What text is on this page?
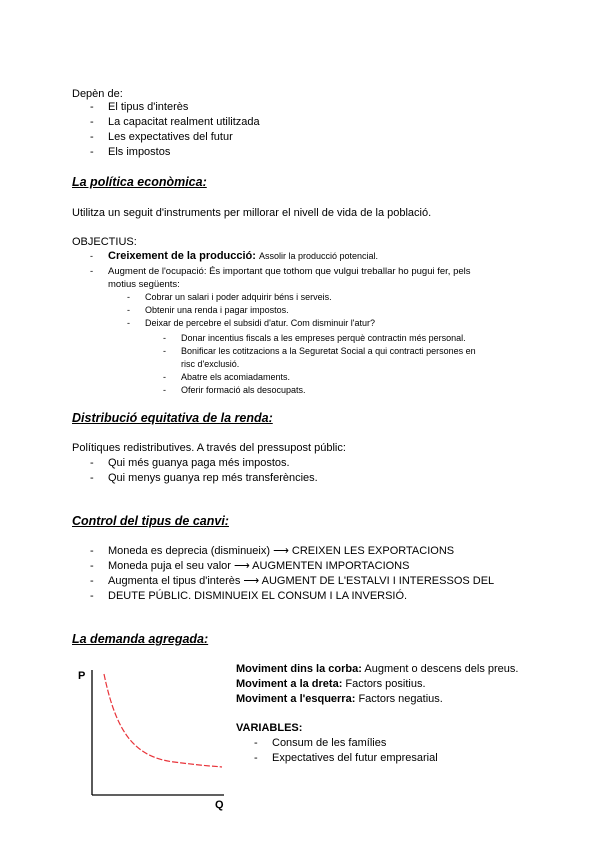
Depèn de:

- El tipus d'interès
- La capacitat realment utilitzada
- Les expectatives del futur
- Els impostos

La política econòmica:

Utilitza un seguit d'instruments per millorar el nivell de vida de la població.

OBJECTIUS:

- Creixement de la producció: Assolir la producció potencial.
- Augment de l'ocupació: És important que tothom que vulgui treballar ho pugui fer, pels
motius següents:
- Cobrar un salari i poder adquirir béns i serveis.
- Obtenir una renda i pagar impostos.
- Deixar de percebre el subsidi d'atur. Com disminuir l'atur?
- Donar incentius fiscals a les empreses perquè contractin més personal.
- Bonificar les cotitzacions a la Seguretat Social a qui contracti persones en
risc d'exclusió.
- Abatre els acomiadaments.
- Oferir formació als desocupats.

Distribució equitativa de la renda:

Polítiques redistributives. A través del pressupost públic:

- Qui més guanya paga més impostos.
- Qui menys guanya rep més transferències.

Control del tipus de canvi:

- Moneda es deprecia (disminueix) ⟶ CREIXEN LES EXPORTACIONS
- Moneda puja el seu valor ⟶ AUGMENTEN IMPORTACIONS
- Augmenta el tipus d'interès ⟶ AUGMENT DE L'ESTALVI I INTERESSOS DEL
- DEUTE PÚBLIC. DISMINUEIX EL CONSUM I LA INVERSIÓ.

La demanda agregada:

P
Q
Moviment dins la corba: Augment o descens dels preus.
Moviment a la dreta: Factors positius.
Moviment a l'esquerra: Factors negatius.
VARIABLES:
- Consum de les famílies
- Expectatives del futur empresarial
